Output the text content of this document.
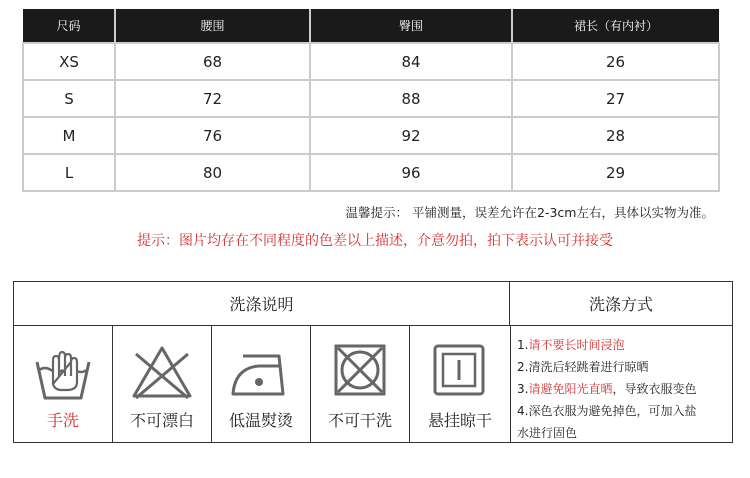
尺码	腰围	臀围	裙长（有内衬）
XS	68	84	26
S	72	88	27
M	76	92	28
L	80	96	29
温馨提示： 平铺测量，误差允许在2-3cm左右，具体以实物为准。
提示：图片均存在不同程度的色差以上描述，介意勿拍，拍下表示认可并接受
洗涤说明	洗涤方式
手洗	不可漂白	低温熨烫	不可干洗	悬挂晾干
1.请不要长时间浸泡
2.清洗后轻跳着进行晾晒
3.请避免阳光直晒，导致衣服变色
4.深色衣服为避免掉色，可加入盐
水进行固色
